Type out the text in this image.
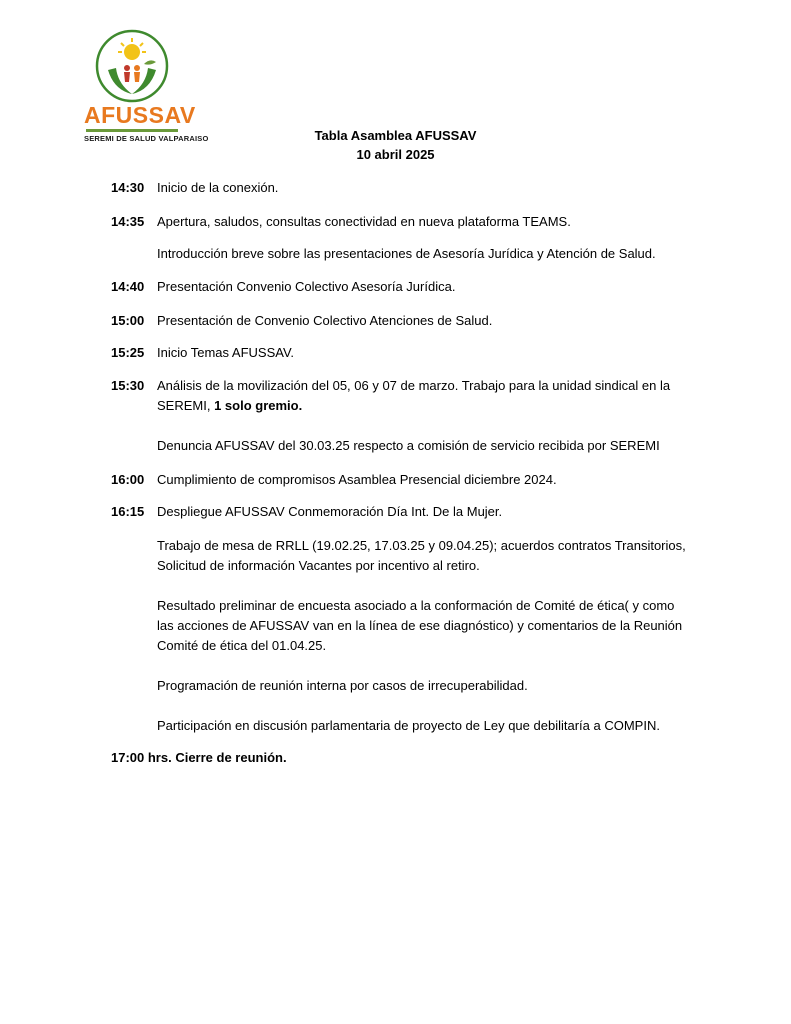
AFUSSAV
SEREMI DE SALUD VALPARAISO	Tabla Asamblea AFUSSAV
10 abril 2025
14:30 Inicio de la conexión.
14:35 Apertura, saludos, consultas conectividad en nueva plataforma TEAMS.
Introducción breve sobre las presentaciones de Asesoría Jurídica y Atención de Salud.
14:40 Presentación Convenio Colectivo Asesoría Jurídica.
15:00 Presentación de Convenio Colectivo Atenciones de Salud.
15:25 Inicio Temas AFUSSAV.
15:30 Análisis de la movilización del 05, 06 y 07 de marzo. Trabajo para la unidad sindical en la
SEREMI, 1 solo gremio.
Denuncia AFUSSAV del 30.03.25 respecto a comisión de servicio recibida por SEREMI
16:00 Cumplimiento de compromisos Asamblea Presencial diciembre 2024.
16:15 Despliegue AFUSSAV Conmemoración Día Int. De la Mujer.
Trabajo de mesa de RRLL (19.02.25, 17.03.25 y 09.04.25); acuerdos contratos Transitorios,
Solicitud de información Vacantes por incentivo al retiro.
Resultado preliminar de encuesta asociado a la conformación de Comité de ética( y como
las acciones de AFUSSAV van en la línea de ese diagnóstico) y comentarios de la Reunión
Comité de ética del 01.04.25.
Programación de reunión interna por casos de irrecuperabilidad.
Participación en discusión parlamentaria de proyecto de Ley que debilitaría a COMPIN.
17:00 hrs. Cierre de reunión.
